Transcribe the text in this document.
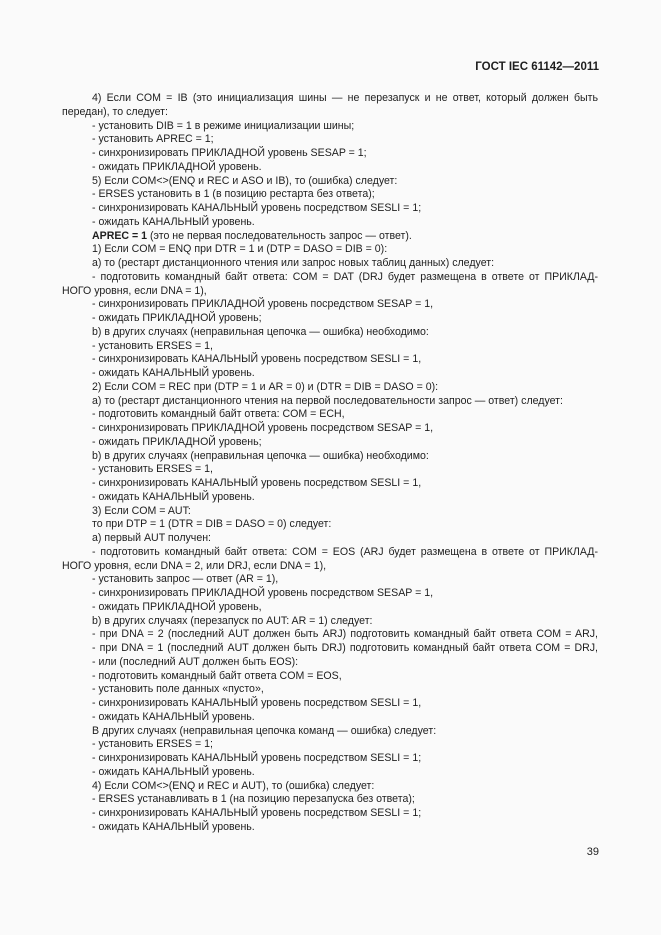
ГОСТ IEC 61142—2011
4) Если COM = IB (это инициализация шины — не перезапуск и не ответ, который должен быть
передан), то следует:
- установить DIB = 1 в режиме инициализации шины;
- установить APREC = 1;
- синхронизировать ПРИКЛАДНОЙ уровень SESAP = 1;
- ожидать ПРИКЛАДНОЙ уровень.
5) Если COM<>(ENQ и REC и ASO и IB), то (ошибка) следует:
- ERSES установить в 1 (в позицию рестарта без ответа);
- синхронизировать КАНАЛЬНЫЙ уровень посредством SESLI = 1;
- ожидать КАНАЛЬНЫЙ уровень.
APREC = 1 (это не первая последовательность запрос — ответ).
1) Если COM = ENQ при DTR = 1 и (DTP = DASO = DIB = 0):
а) то (рестарт дистанционного чтения или запрос новых таблиц данных) следует:
- подготовить командный байт ответа: COM = DAT (DRJ будет размещена в ответе от ПРИКЛАД-
НОГО уровня, если DNA = 1),
- синхронизировать ПРИКЛАДНОЙ уровень посредством SESAP = 1,
- ожидать ПРИКЛАДНОЙ уровень;
b) в других случаях (неправильная цепочка — ошибка) необходимо:
- установить ERSES = 1,
- синхронизировать КАНАЛЬНЫЙ уровень посредством SESLI = 1,
- ожидать КАНАЛЬНЫЙ уровень.
2) Если COM = REC при (DTP = 1 и AR = 0) и (DTR = DIB = DASO = 0):
а) то (рестарт дистанционного чтения на первой последовательности запрос — ответ) следует:
- подготовить командный байт ответа: COM = ECH,
- синхронизировать ПРИКЛАДНОЙ уровень посредством SESAP = 1,
- ожидать ПРИКЛАДНОЙ уровень;
b) в других случаях (неправильная цепочка — ошибка) необходимо:
- установить ERSES = 1,
- синхронизировать КАНАЛЬНЫЙ уровень посредством SESLI = 1,
- ожидать КАНАЛЬНЫЙ уровень.
3) Если COM = AUT:
то при DTP = 1 (DTR = DIB = DASO = 0) следует:
а) первый AUT получен:
- подготовить командный байт ответа: COM = EOS (ARJ будет размещена в ответе от ПРИКЛАД-
НОГО уровня, если DNA = 2, или DRJ, если DNA = 1),
- установить запрос — ответ (AR = 1),
- синхронизировать ПРИКЛАДНОЙ уровень посредством SESAP = 1,
- ожидать ПРИКЛАДНОЙ уровень,
b) в других случаях (перезапуск по AUT: AR = 1) следует:
- при DNA = 2 (последний AUT должен быть ARJ) подготовить командный байт ответа COM = ARJ,
- при DNA = 1 (последний AUT должен быть DRJ) подготовить командный байт ответа COM = DRJ,
- или (последний AUT должен быть EOS):
- подготовить командный байт ответа COM = EOS,
- установить поле данных «пусто»,
- синхронизировать КАНАЛЬНЫЙ уровень посредством SESLI = 1,
- ожидать КАНАЛЬНЫЙ уровень.
В других случаях (неправильная цепочка команд — ошибка) следует:
- установить ERSES = 1;
- синхронизировать КАНАЛЬНЫЙ уровень посредством SESLI = 1;
- ожидать КАНАЛЬНЫЙ уровень.
4) Если COM<>(ENQ и REC и AUT), то (ошибка) следует:
- ERSES устанавливать в 1 (на позицию перезапуска без ответа);
- синхронизировать КАНАЛЬНЫЙ уровень посредством SESLI = 1;
- ожидать КАНАЛЬНЫЙ уровень.
39
